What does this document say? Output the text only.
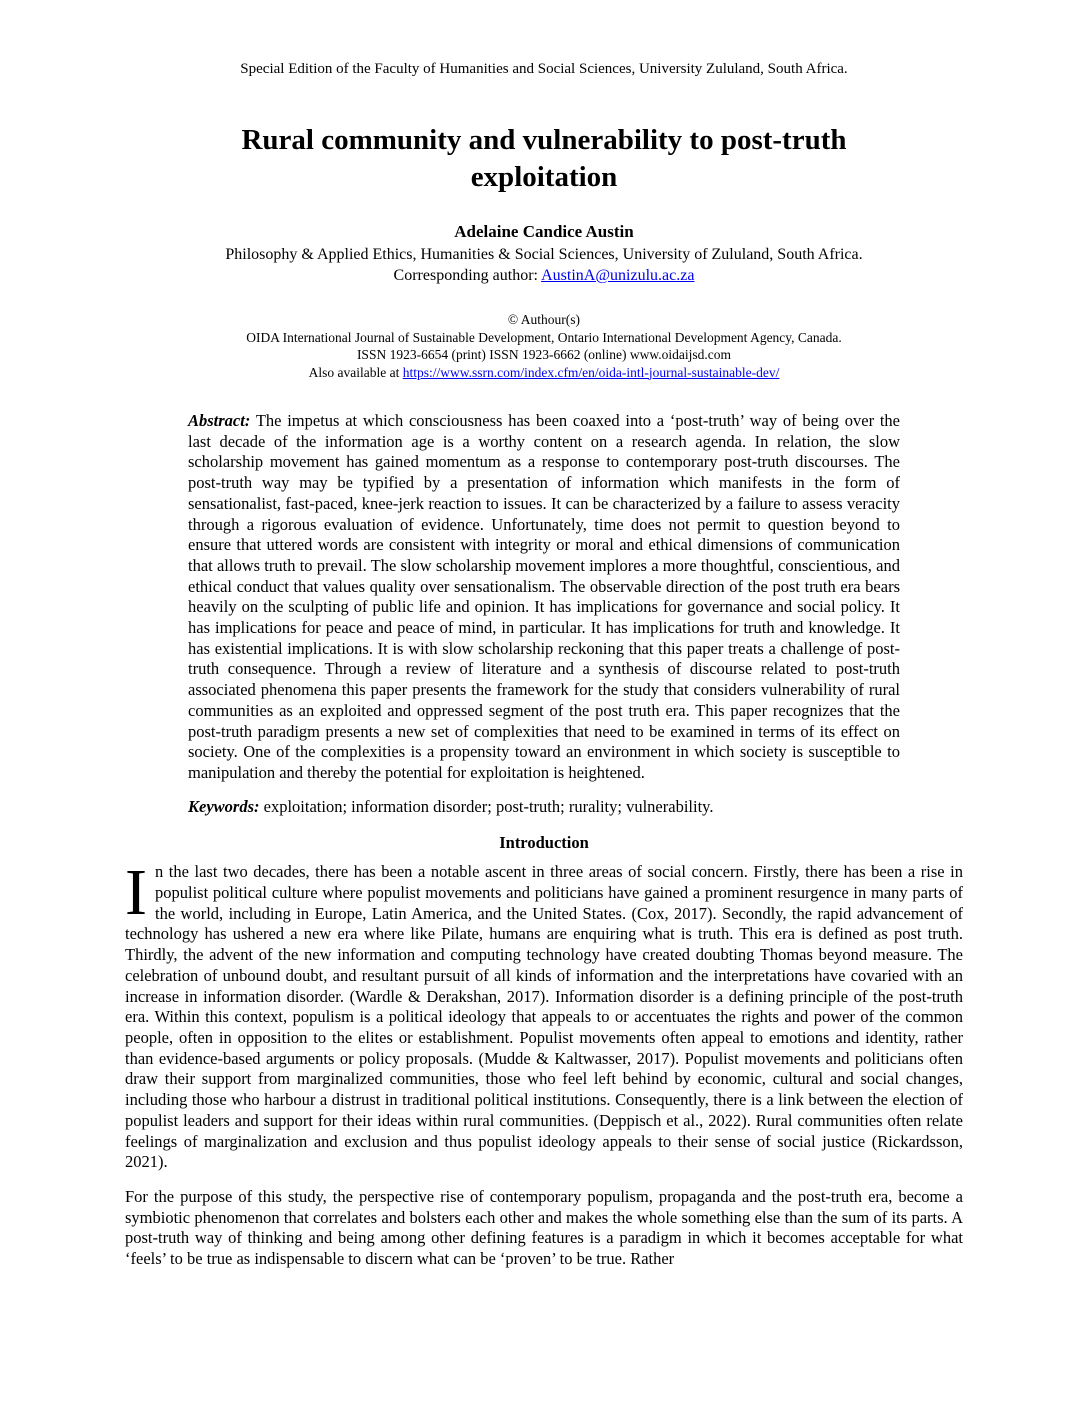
Special Edition of the Faculty of Humanities and Social Sciences, University Zululand, South Africa.
Rural community and vulnerability to post-truth
exploitation
Adelaine Candice Austin
Philosophy & Applied Ethics, Humanities & Social Sciences, University of Zululand, South Africa.
Corresponding author: AustinA@unizulu.ac.za
© Authour(s)
OIDA International Journal of Sustainable Development, Ontario International Development Agency, Canada.
ISSN 1923-6654 (print) ISSN 1923-6662 (online) www.oidaijsd.com
Also available at https://www.ssrn.com/index.cfm/en/oida-intl-journal-sustainable-dev/

Abstract: The impetus at which consciousness has been coaxed into a ‘post-truth’ way of being over the last decade of the information age is a worthy content on a research agenda. In relation, the slow scholarship movement has gained momentum as a response to contemporary post-truth discourses. The post-truth way may be typified by a presentation of information which manifests in the form of sensationalist, fast-paced, knee-jerk reaction to issues. It can be characterized by a failure to assess veracity through a rigorous evaluation of evidence. Unfortunately, time does not permit to question beyond to ensure that uttered words are consistent with integrity or moral and ethical dimensions of communication that allows truth to prevail. The slow scholarship movement implores a more thoughtful, conscientious, and ethical conduct that values quality over sensationalism. The observable direction of the post truth era bears heavily on the sculpting of public life and opinion. It has implications for governance and social policy. It has implications for peace and peace of mind, in particular. It has implications for truth and knowledge. It has existential implications. It is with slow scholarship reckoning that this paper treats a challenge of post-truth consequence. Through a review of literature and a synthesis of discourse related to post-truth associated phenomena this paper presents the framework for the study that considers vulnerability of rural communities as an exploited and oppressed segment of the post truth era. This paper recognizes that the post-truth paradigm presents a new set of complexities that need to be examined in terms of its effect on society. One of the complexities is a propensity toward an environment in which society is susceptible to manipulation and thereby the potential for exploitation is heightened.

Keywords: exploitation; information disorder; post-truth; rurality; vulnerability.

Introduction

In the last two decades, there has been a notable ascent in three areas of social concern. Firstly, there has been a rise in populist political culture where populist movements and politicians have gained a prominent resurgence in many parts of the world, including in Europe, Latin America, and the United States. (Cox, 2017). Secondly, the rapid advancement of technology has ushered a new era where like Pilate, humans are enquiring what is truth. This era is defined as post truth. Thirdly, the advent of the new information and computing technology have created doubting Thomas beyond measure. The celebration of unbound doubt, and resultant pursuit of all kinds of information and the interpretations have covaried with an increase in information disorder. (Wardle & Derakshan, 2017). Information disorder is a defining principle of the post-truth era. Within this context, populism is a political ideology that appeals to or accentuates the rights and power of the common people, often in opposition to the elites or establishment. Populist movements often appeal to emotions and identity, rather than evidence-based arguments or policy proposals. (Mudde & Kaltwasser, 2017). Populist movements and politicians often draw their support from marginalized communities, those who feel left behind by economic, cultural and social changes, including those who harbour a distrust in traditional political institutions. Consequently, there is a link between the election of populist leaders and support for their ideas within rural communities. (Deppisch et al., 2022). Rural communities often relate feelings of marginalization and exclusion and thus populist ideology appeals to their sense of social justice (Rickardsson, 2021).

For the purpose of this study, the perspective rise of contemporary populism, propaganda and the post-truth era, become a symbiotic phenomenon that correlates and bolsters each other and makes the whole something else than the sum of its parts. A post-truth way of thinking and being among other defining features is a paradigm in which it becomes acceptable for what ‘feels’ to be true as indispensable to discern what can be ‘proven’ to be true. Rather
